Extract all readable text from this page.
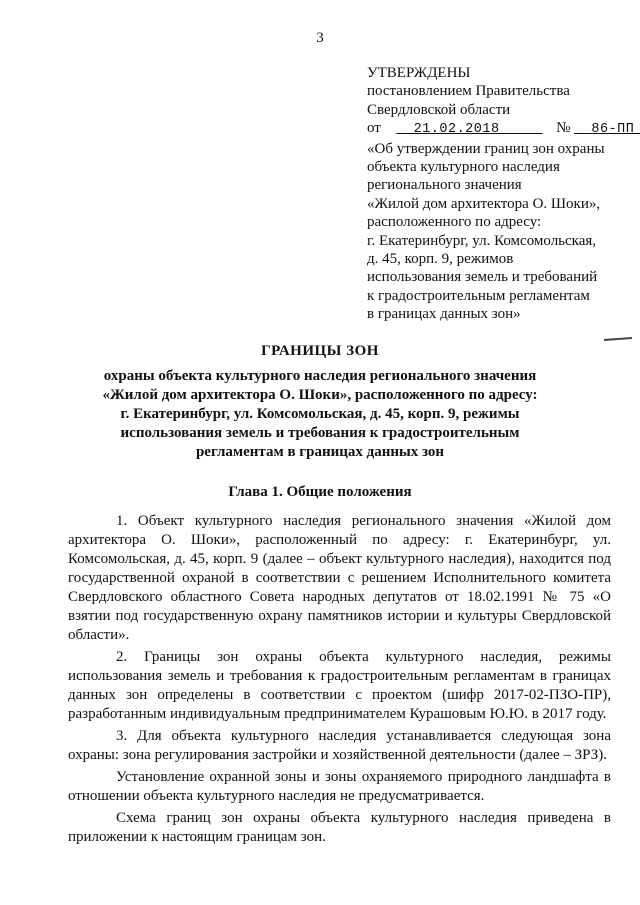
3
УТВЕРЖДЕНЫ
постановлением Правительства
Свердловской области
от 21.02.2018	№ 86-ПП
«Об утверждении границ зон охраны
объекта культурного наследия
регионального значения
«Жилой дом архитектора О. Шоки»,
расположенного по адресу:
г. Екатеринбург, ул. Комсомольская,
д. 45, корп. 9, режимов
использования земель и требований
к градостроительным регламентам
в границах данных зон»
ГРАНИЦЫ ЗОН
охраны объекта культурного наследия регионального значения
«Жилой дом архитектора О. Шоки», расположенного по адресу:
г. Екатеринбург, ул. Комсомольская, д. 45, корп. 9, режимы
использования земель и требования к градостроительным
регламентам в границах данных зон
Глава 1. Общие положения

1. Объект культурного наследия регионального значения «Жилой дом архитектора О. Шоки», расположенный по адресу: г. Екатеринбург, ул. Комсомольская, д. 45, корп. 9 (далее – объект культурного наследия), находится под государственной охраной в соответствии с решением Исполнительного комитета Свердловского областного Совета народных депутатов от 18.02.1991 № 75 «О взятии под государственную охрану памятников истории и культуры Свердловской области».

2. Границы зон охраны объекта культурного наследия, режимы использования земель и требования к градостроительным регламентам в границах данных зон определены в соответствии с проектом (шифр 2017-02-ПЗО-ПР), разработанным индивидуальным предпринимателем Курашовым Ю.Ю. в 2017 году.

3. Для объекта культурного наследия устанавливается следующая зона охраны: зона регулирования застройки и хозяйственной деятельности (далее – ЗРЗ).

Установление охранной зоны и зоны охраняемого природного ландшафта в отношении объекта культурного наследия не предусматривается.

Схема границ зон охраны объекта культурного наследия приведена в приложении к настоящим границам зон.
